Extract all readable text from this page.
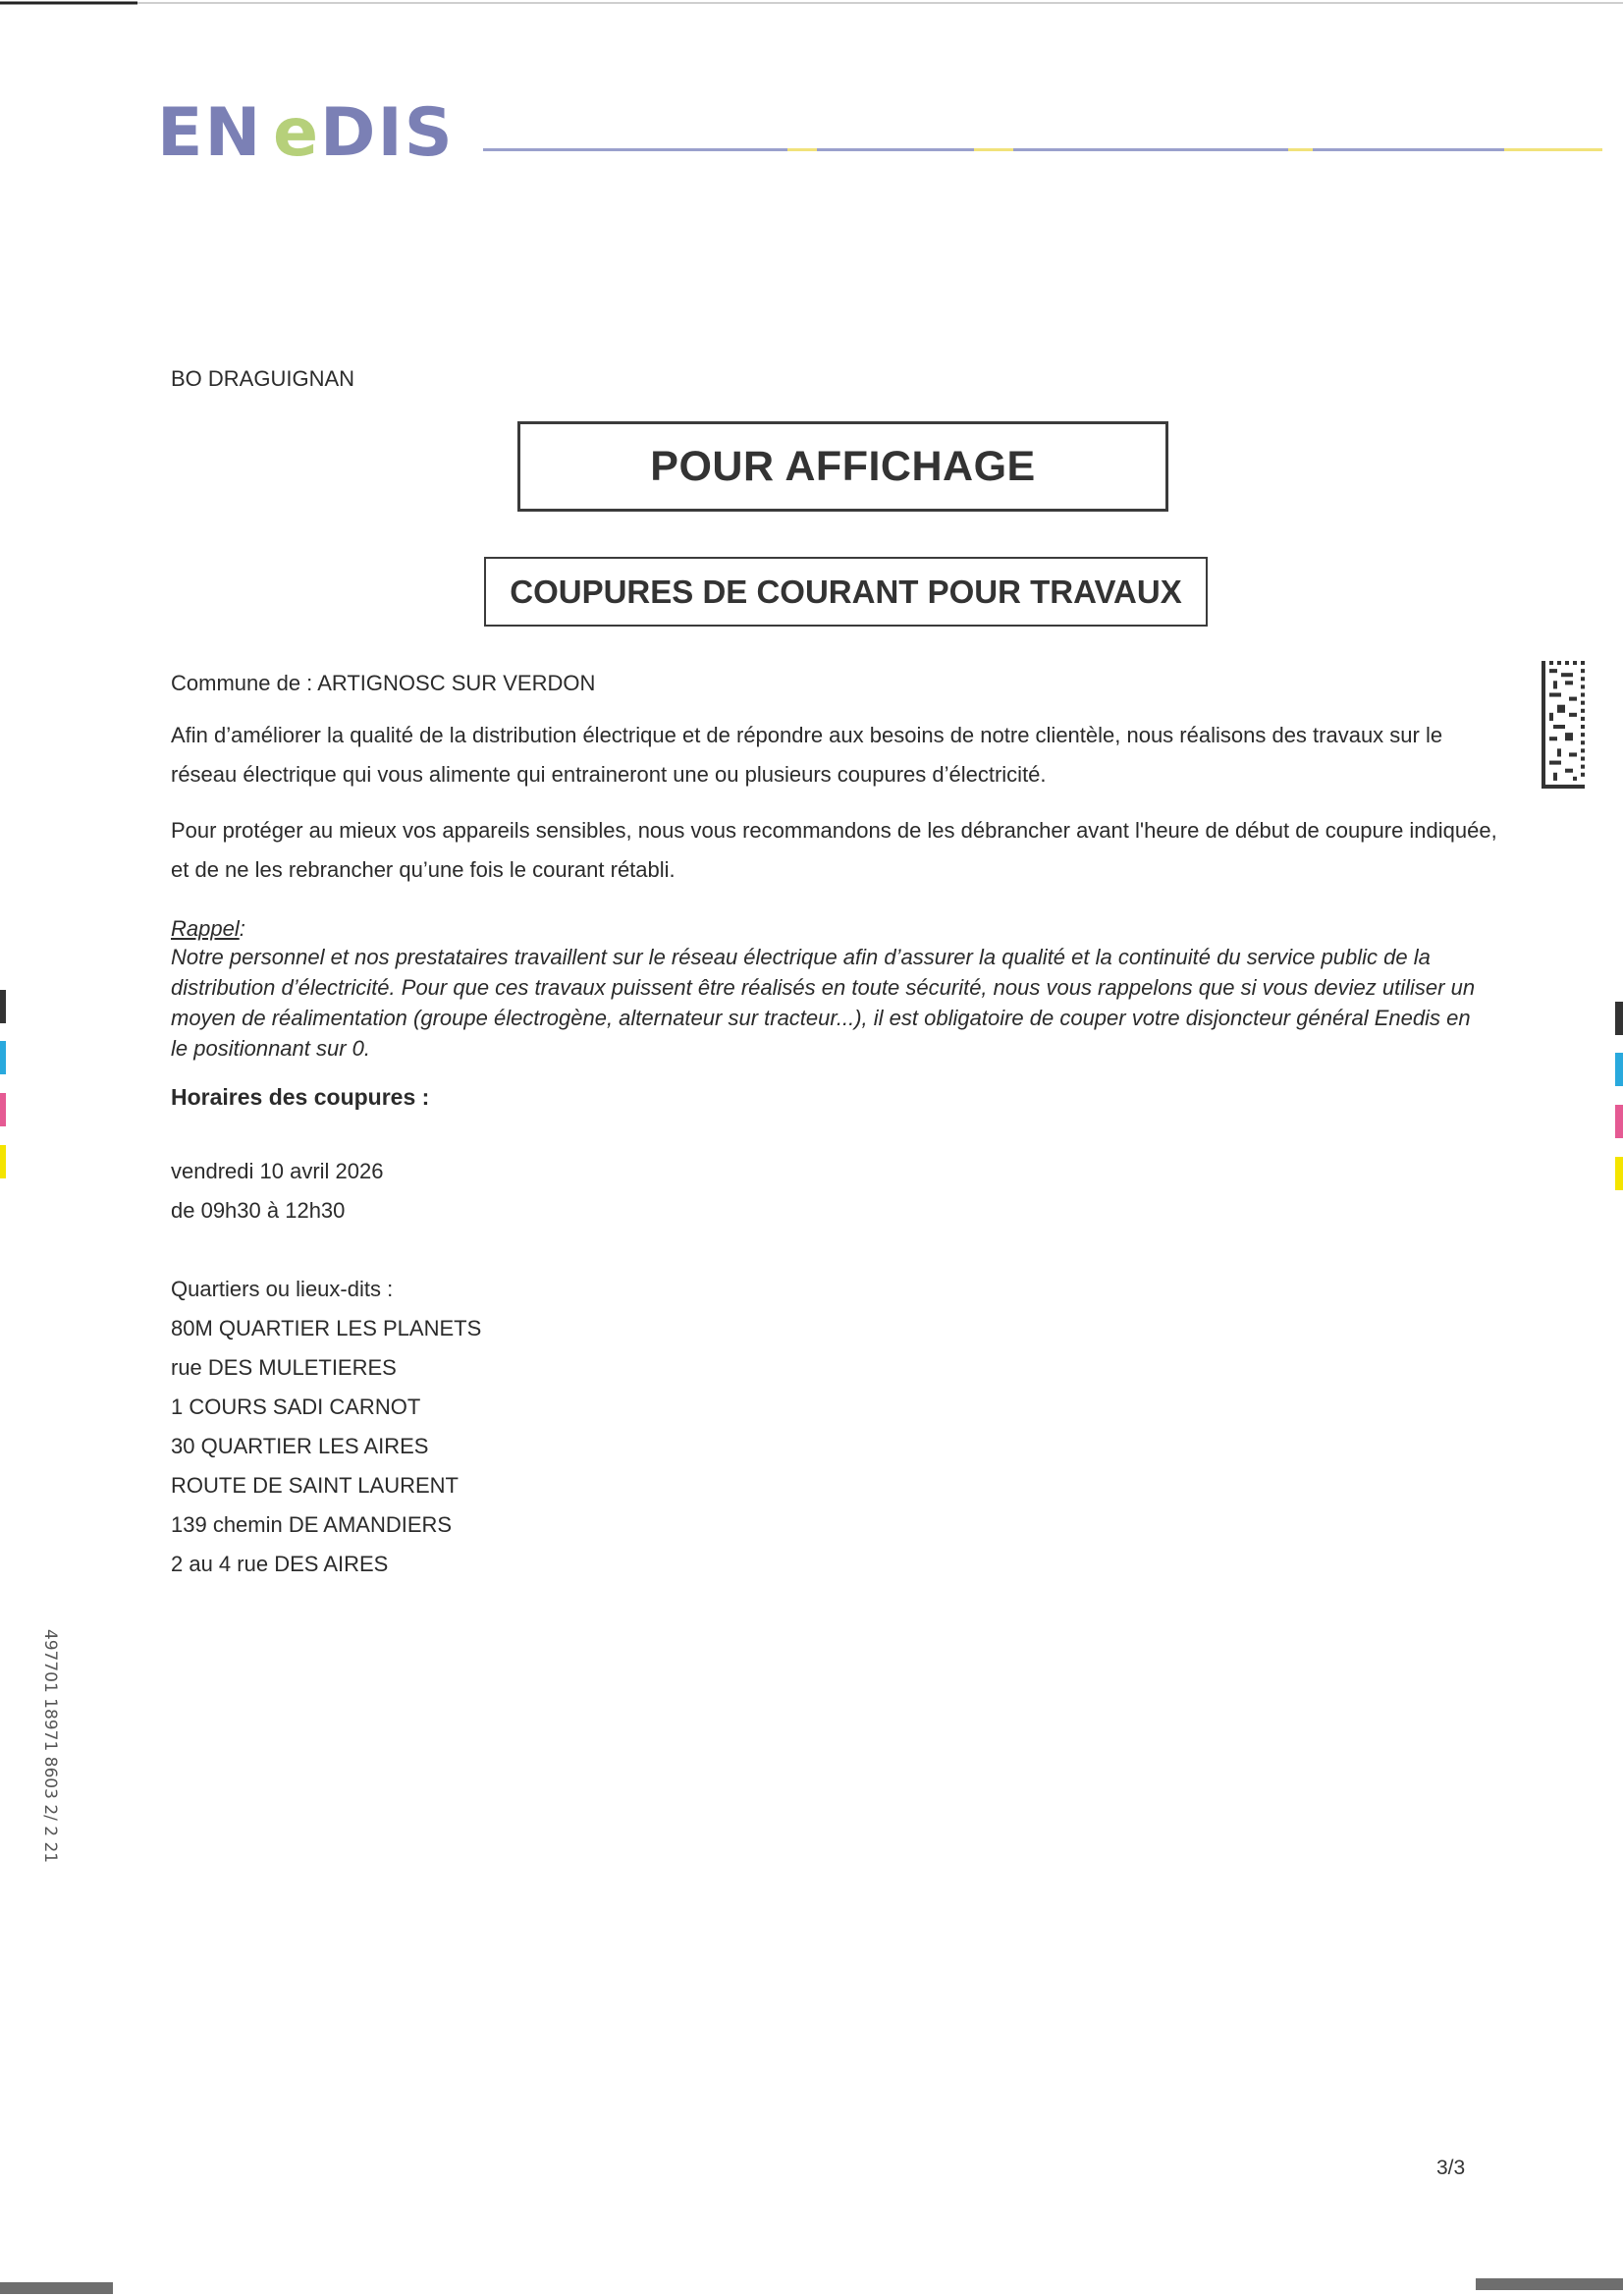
EN e DIS
BO DRAGUIGNAN
POUR AFFICHAGE
COUPURES DE COURANT POUR TRAVAUX
Commune de : ARTIGNOSC SUR VERDON
Afin d’améliorer la qualité de la distribution électrique et de répondre aux besoins de notre clientèle, nous réalisons des travaux sur le réseau électrique qui vous alimente qui entraineront une ou plusieurs coupures d’électricité.
Pour protéger au mieux vos appareils sensibles, nous vous recommandons de les débrancher avant l'heure de début de coupure indiquée, et de ne les rebrancher qu’une fois le courant rétabli.
Rappel:
Notre personnel et nos prestataires travaillent sur le réseau électrique afin d’assurer la qualité et la continuité du service public de la distribution d’électricité. Pour que ces travaux puissent être réalisés en toute sécurité, nous vous rappelons que si vous deviez utiliser un moyen de réalimentation (groupe électrogène, alternateur sur tracteur...), il est obligatoire de couper votre disjoncteur général Enedis en le positionnant sur 0.
Horaires des coupures :
vendredi 10 avril 2026
de 09h30 à 12h30
Quartiers ou lieux-dits :
80M QUARTIER LES PLANETS
rue DES MULETIERES
1 COURS SADI CARNOT
30 QUARTIER LES AIRES
ROUTE DE SAINT LAURENT
139 chemin DE AMANDIERS
2 au 4 rue DES AIRES
3/3
497701 18971 8603 2/ 2 21
